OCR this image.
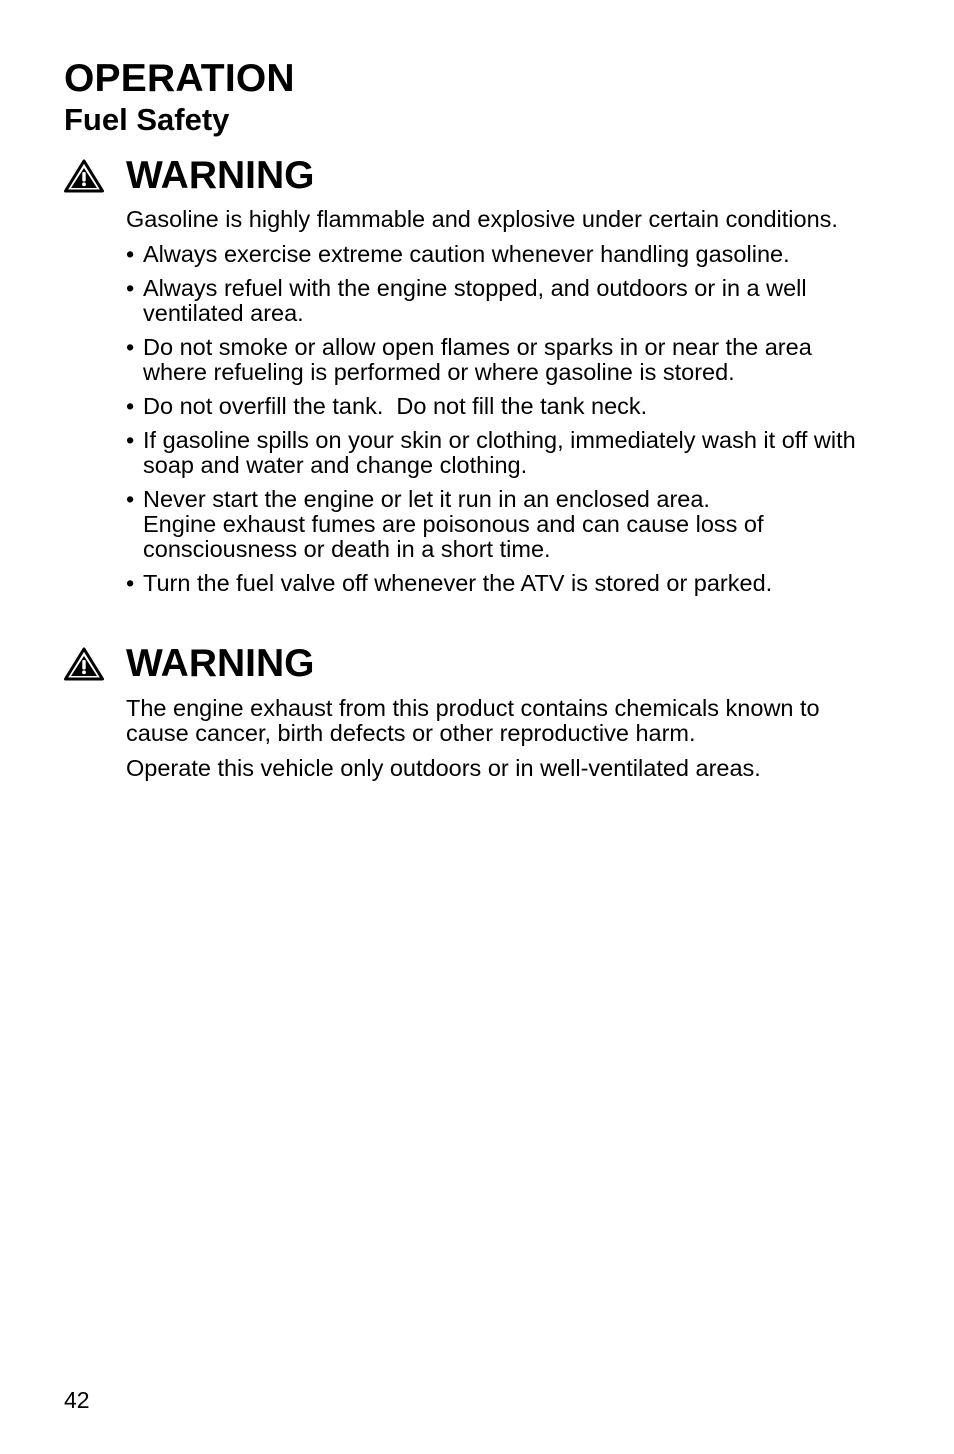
OPERATION
Fuel Safety
WARNING

Gasoline is highly flammable and explosive under certain conditions.

• Always exercise extreme caution whenever handling gasoline.
• Always refuel with the engine stopped, and outdoors or in a well ventilated area.
• Do not smoke or allow open flames or sparks in or near the area where refueling is performed or where gasoline is stored.
• Do not overfill the tank.  Do not fill the tank neck.
• If gasoline spills on your skin or clothing, immediately wash it off with soap and water and change clothing.
• Never start the engine or let it run in an enclosed area.
Engine exhaust fumes are poisonous and can cause loss of consciousness or death in a short time.
• Turn the fuel valve off whenever the ATV is stored or parked.
WARNING

The engine exhaust from this product contains chemicals known to cause cancer, birth defects or other reproductive harm.

Operate this vehicle only outdoors or in well-ventilated areas.

42
